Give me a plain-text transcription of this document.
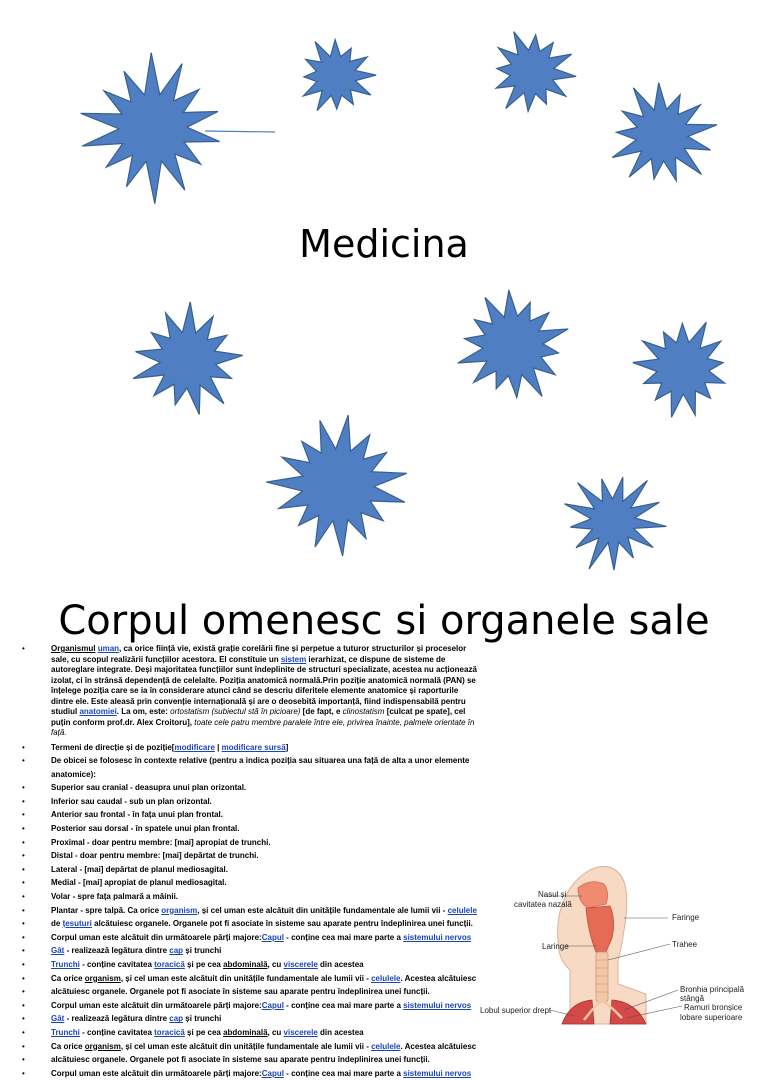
Medicina
Corpul omenesc si organele sale
• Organismul uman, ca orice ființă vie, există grație corelării fine și perpetue a tuturor structurilor și proceselor sale, cu scopul realizării funcțiilor acestora. El constituie un sistem ierarhizat, ce dispune de sisteme de autoreglare integrate. Deși majoritatea funcțiilor sunt îndeplinite de structuri specializate, acestea nu acționează izolat, ci în strânsă dependență de celelalte. Poziția anatomică normală.Prin poziție anatomică normală (PAN) se înțelege poziția care se ia în considerare atunci când se descriu diferitele elemente anatomice și raporturile dintre ele. Este aleasă prin convenție internațională și are o deosebită importanță, fiind indispensabilă pentru studiul anatomiei. La om, este: ortostatism (subiectul stă în picioare) [de fapt, e clinostatism [culcat pe spate], cel puțin conform prof.dr. Alex Croitoru], toate cele patru membre paralele între ele, privirea înainte, palmele orientate în față.
• Termeni de direcție și de poziție[modificare | modificare sursă]
• De obicei se folosesc în contexte relative (pentru a indica poziția sau situarea una față de alta a unor elemente anatomice):
• Superior sau cranial - deasupra unui plan orizontal.
• Inferior sau caudal - sub un plan orizontal.
• Anterior sau frontal - în fața unui plan frontal.
• Posterior sau dorsal - în spatele unui plan frontal.
• Proximal - doar pentru membre: [mai] apropiat de trunchi.
• Distal - doar pentru membre: [mai] depărtat de trunchi.
• Lateral - [mai] depărtat de planul mediosagital.
• Medial - [mai] apropiat de planul mediosagital.
• Volar - spre fața palmară a mâinii.
• Plantar - spre talpă. Ca orice organism, și cel uman este alcătuit din unitățile fundamentale ale lumii vii - celulele
• de țesuturi alcătuiesc organele. Organele pot fi asociate în sisteme sau aparate pentru îndeplinirea unei funcții.
• Corpul uman este alcătuit din următoarele părți majore:Capul - conține cea mai mare parte a sistemului nervos
• Gât - realizează legătura dintre cap și trunchi
• Trunchi - conține cavitatea toracică și pe cea abdominală, cu viscerele din acestea
• Ca orice organism, și cel uman este alcătuit din unitățile fundamentale ale lumii vii - celulele. Acestea alcătuiesc
• alcătuiesc organele. Organele pot fi asociate în sisteme sau aparate pentru îndeplinirea unei funcții.
• Corpul uman este alcătuit din următoarele părți majore:Capul - conține cea mai mare parte a sistemului nervos
• Gât - realizează legătura dintre cap și trunchi
• Trunchi - conține cavitatea toracică și pe cea abdominală, cu viscerele din acestea
• Ca orice organism, și cel uman este alcătuit din unitățile fundamentale ale lumii vii - celulele. Acestea alcătuiesc
• alcătuiesc organele. Organele pot fi asociate în sisteme sau aparate pentru îndeplinirea unei funcții.
• Corpul uman este alcătuit din următoarele părți majore:Capul - conține cea mai mare parte a sistemului nervos
Nasul și
cavitatea nazală
Faringe
Laringe	Trahee
Bronhia principală stângă
Ramuri bronșice
lobare superioare
Lobul superior drept
